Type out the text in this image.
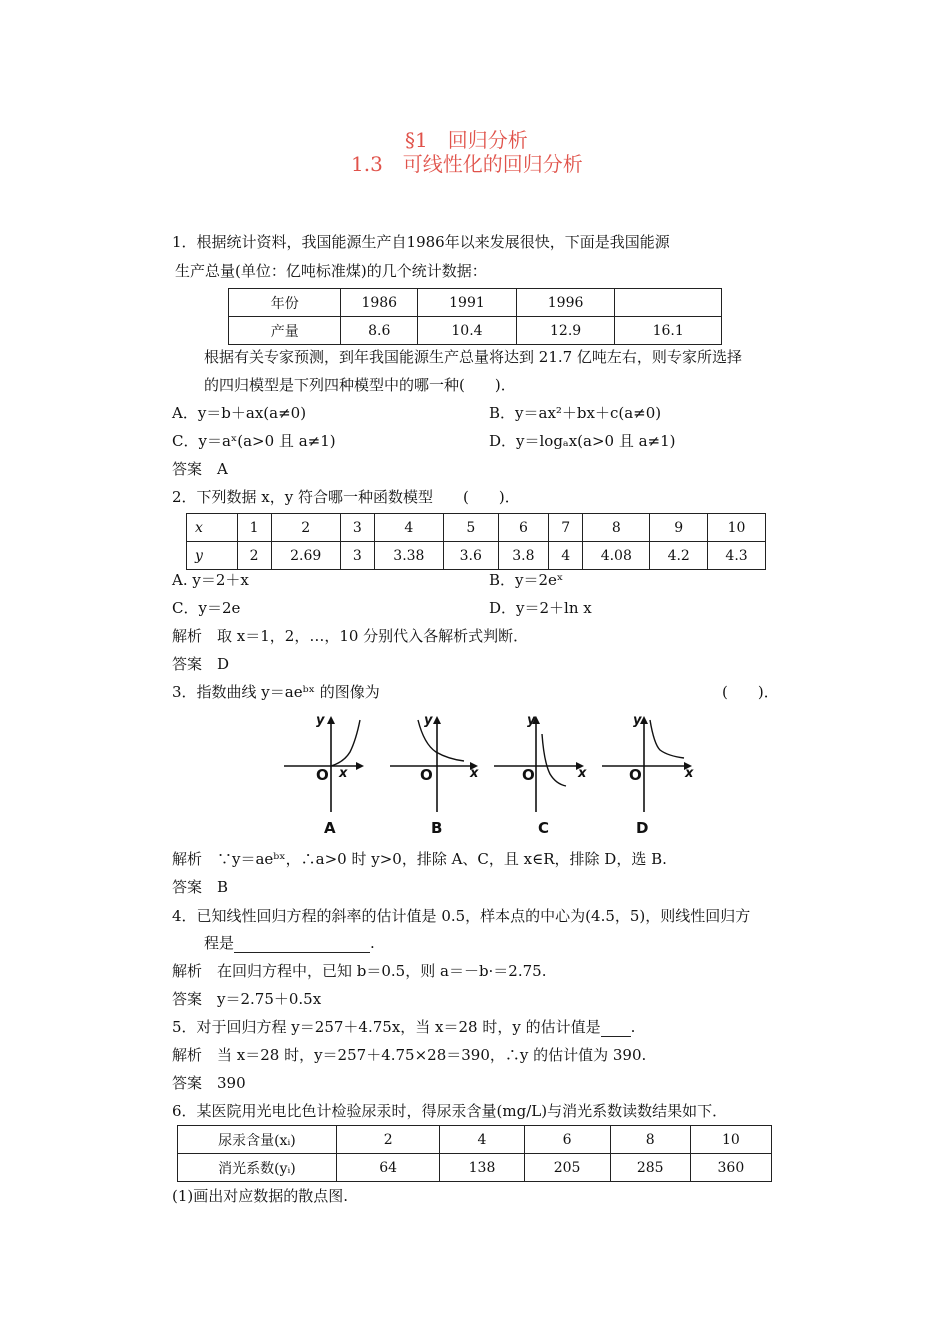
§1　回归分析
1.3　可线性化的回归分析
1．根据统计资料，我国能源生产自1986年以来发展很快，下面是我国能源
生产总量(单位：亿吨标准煤)的几个统计数据：
年份	1986	1991	1996	
产量	8.6	10.4	12.9	16.1
根据有关专家预测，到年我国能源生产总量将达到 21.7 亿吨左右，则专家所选择
的四归模型是下列四种模型中的哪一种(　　)．
A．y＝b＋ax(a≠0)	B．y＝ax²＋bx＋c(a≠0)
C．y＝aˣ(a>0 且 a≠1)	D．y＝logₐx(a>0 且 a≠1)
答案　A
2．下列数据 x，y 符合哪一种函数模型　　(　　)．
x	1	2	3	4	5	6	7	8	9	10
y	2	2.69	3	3.38	3.6	3.8	4	4.08	4.2	4.3
A. y＝2＋x	B．y＝2eˣ
C．y＝2e	D．y＝2＋ln x
解析　取 x＝1，2，…，10 分别代入各解析式判断．
答案　D
3．指数曲线 y＝aeᵇˣ 的图像为	(　　)．
y
x
O
A
y
x
O
B
y
x
O
C
y
x
O
D
解析　∵y＝aeᵇˣ，∴a>0 时 y>0，排除 A、C，且 x∈R，排除 D，选 B.
答案　B
4．已知线性回归方程的斜率的估计值是 0.5，样本点的中心为(4.5，5)，则线性回归方
程是	.
解析　在回归方程中，已知 b＝0.5，则 a＝－b·＝2.75.
答案　y＝2.75＋0.5x
5．对于回归方程 y＝257＋4.75x，当 x＝28 时，y 的估计值是 .
解析　当 x＝28 时，y＝257＋4.75×28＝390，∴y 的估计值为 390.
答案　390
6．某医院用光电比色计检验尿汞时，得尿汞含量(mg/L)与消光系数读数结果如下．
尿汞含量(xᵢ)	2	4	6	8	10
消光系数(yᵢ)	64	138	205	285	360
(1)画出对应数据的散点图.
